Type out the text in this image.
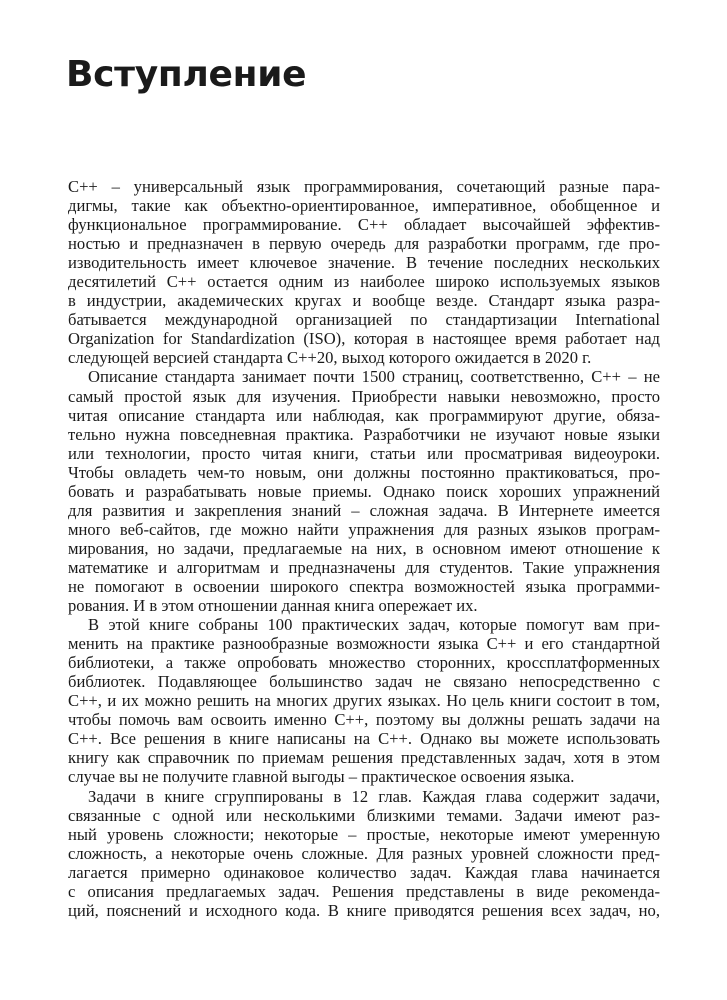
Вступление
C++ – универсальный язык программирования, сочетающий разные пара-
дигмы, такие как объектно-ориентированное, императивное, обобщенное и
функциональное программирование. C++ обладает высочайшей эффектив-
ностью и предназначен в первую очередь для разработки программ, где про-
изводительность имеет ключевое значение. В течение последних нескольких
десятилетий C++ остается одним из наиболее широко используемых языков
в индустрии, академических кругах и вообще везде. Стандарт языка разра-
батывается международной организацией по стандартизации International
Organization for Standardization (ISO), которая в настоящее время работает над
следующей версией стандарта C++20, выход которого ожидается в 2020 г.
Описание стандарта занимает почти 1500 страниц, соответственно, C++ – не
самый простой язык для изучения. Приобрести навыки невозможно, просто
читая описание стандарта или наблюдая, как программируют другие, обяза-
тельно нужна повседневная практика. Разработчики не изучают новые языки
или технологии, просто читая книги, статьи или просматривая видеоуроки.
Чтобы овладеть чем-то новым, они должны постоянно практиковаться, про-
бовать и разрабатывать новые приемы. Однако поиск хороших упражнений
для развития и закрепления знаний – сложная задача. В Интернете имеется
много веб-сайтов, где можно найти упражнения для разных языков програм-
мирования, но задачи, предлагаемые на них, в основном имеют отношение к
математике и алгоритмам и предназначены для студентов. Такие упражнения
не помогают в освоении широкого спектра возможностей языка программи-
рования. И в этом отношении данная книга опережает их.
В этой книге собраны 100 практических задач, которые помогут вам при-
менить на практике разнообразные возможности языка C++ и его стандартной
библиотеки, а также опробовать множество сторонних, кроссплатформенных
библиотек. Подавляющее большинство задач не связано непосредственно с
C++, и их можно решить на многих других языках. Но цель книги состоит в том,
чтобы помочь вам освоить именно C++, поэтому вы должны решать задачи на
C++. Все решения в книге написаны на C++. Однако вы можете использовать
книгу как справочник по приемам решения представленных задач, хотя в этом
случае вы не получите главной выгоды – практическое освоения языка.
Задачи в книге сгруппированы в 12 глав. Каждая глава содержит задачи,
связанные с одной или несколькими близкими темами. Задачи имеют раз-
ный уровень сложности; некоторые – простые, некоторые имеют умеренную
сложность, а некоторые очень сложные. Для разных уровней сложности пред-
лагается примерно одинаковое количество задач. Каждая глава начинается
с описания предлагаемых задач. Решения представлены в виде рекоменда-
ций, пояснений и исходного кода. В книге приводятся решения всех задач, но,
